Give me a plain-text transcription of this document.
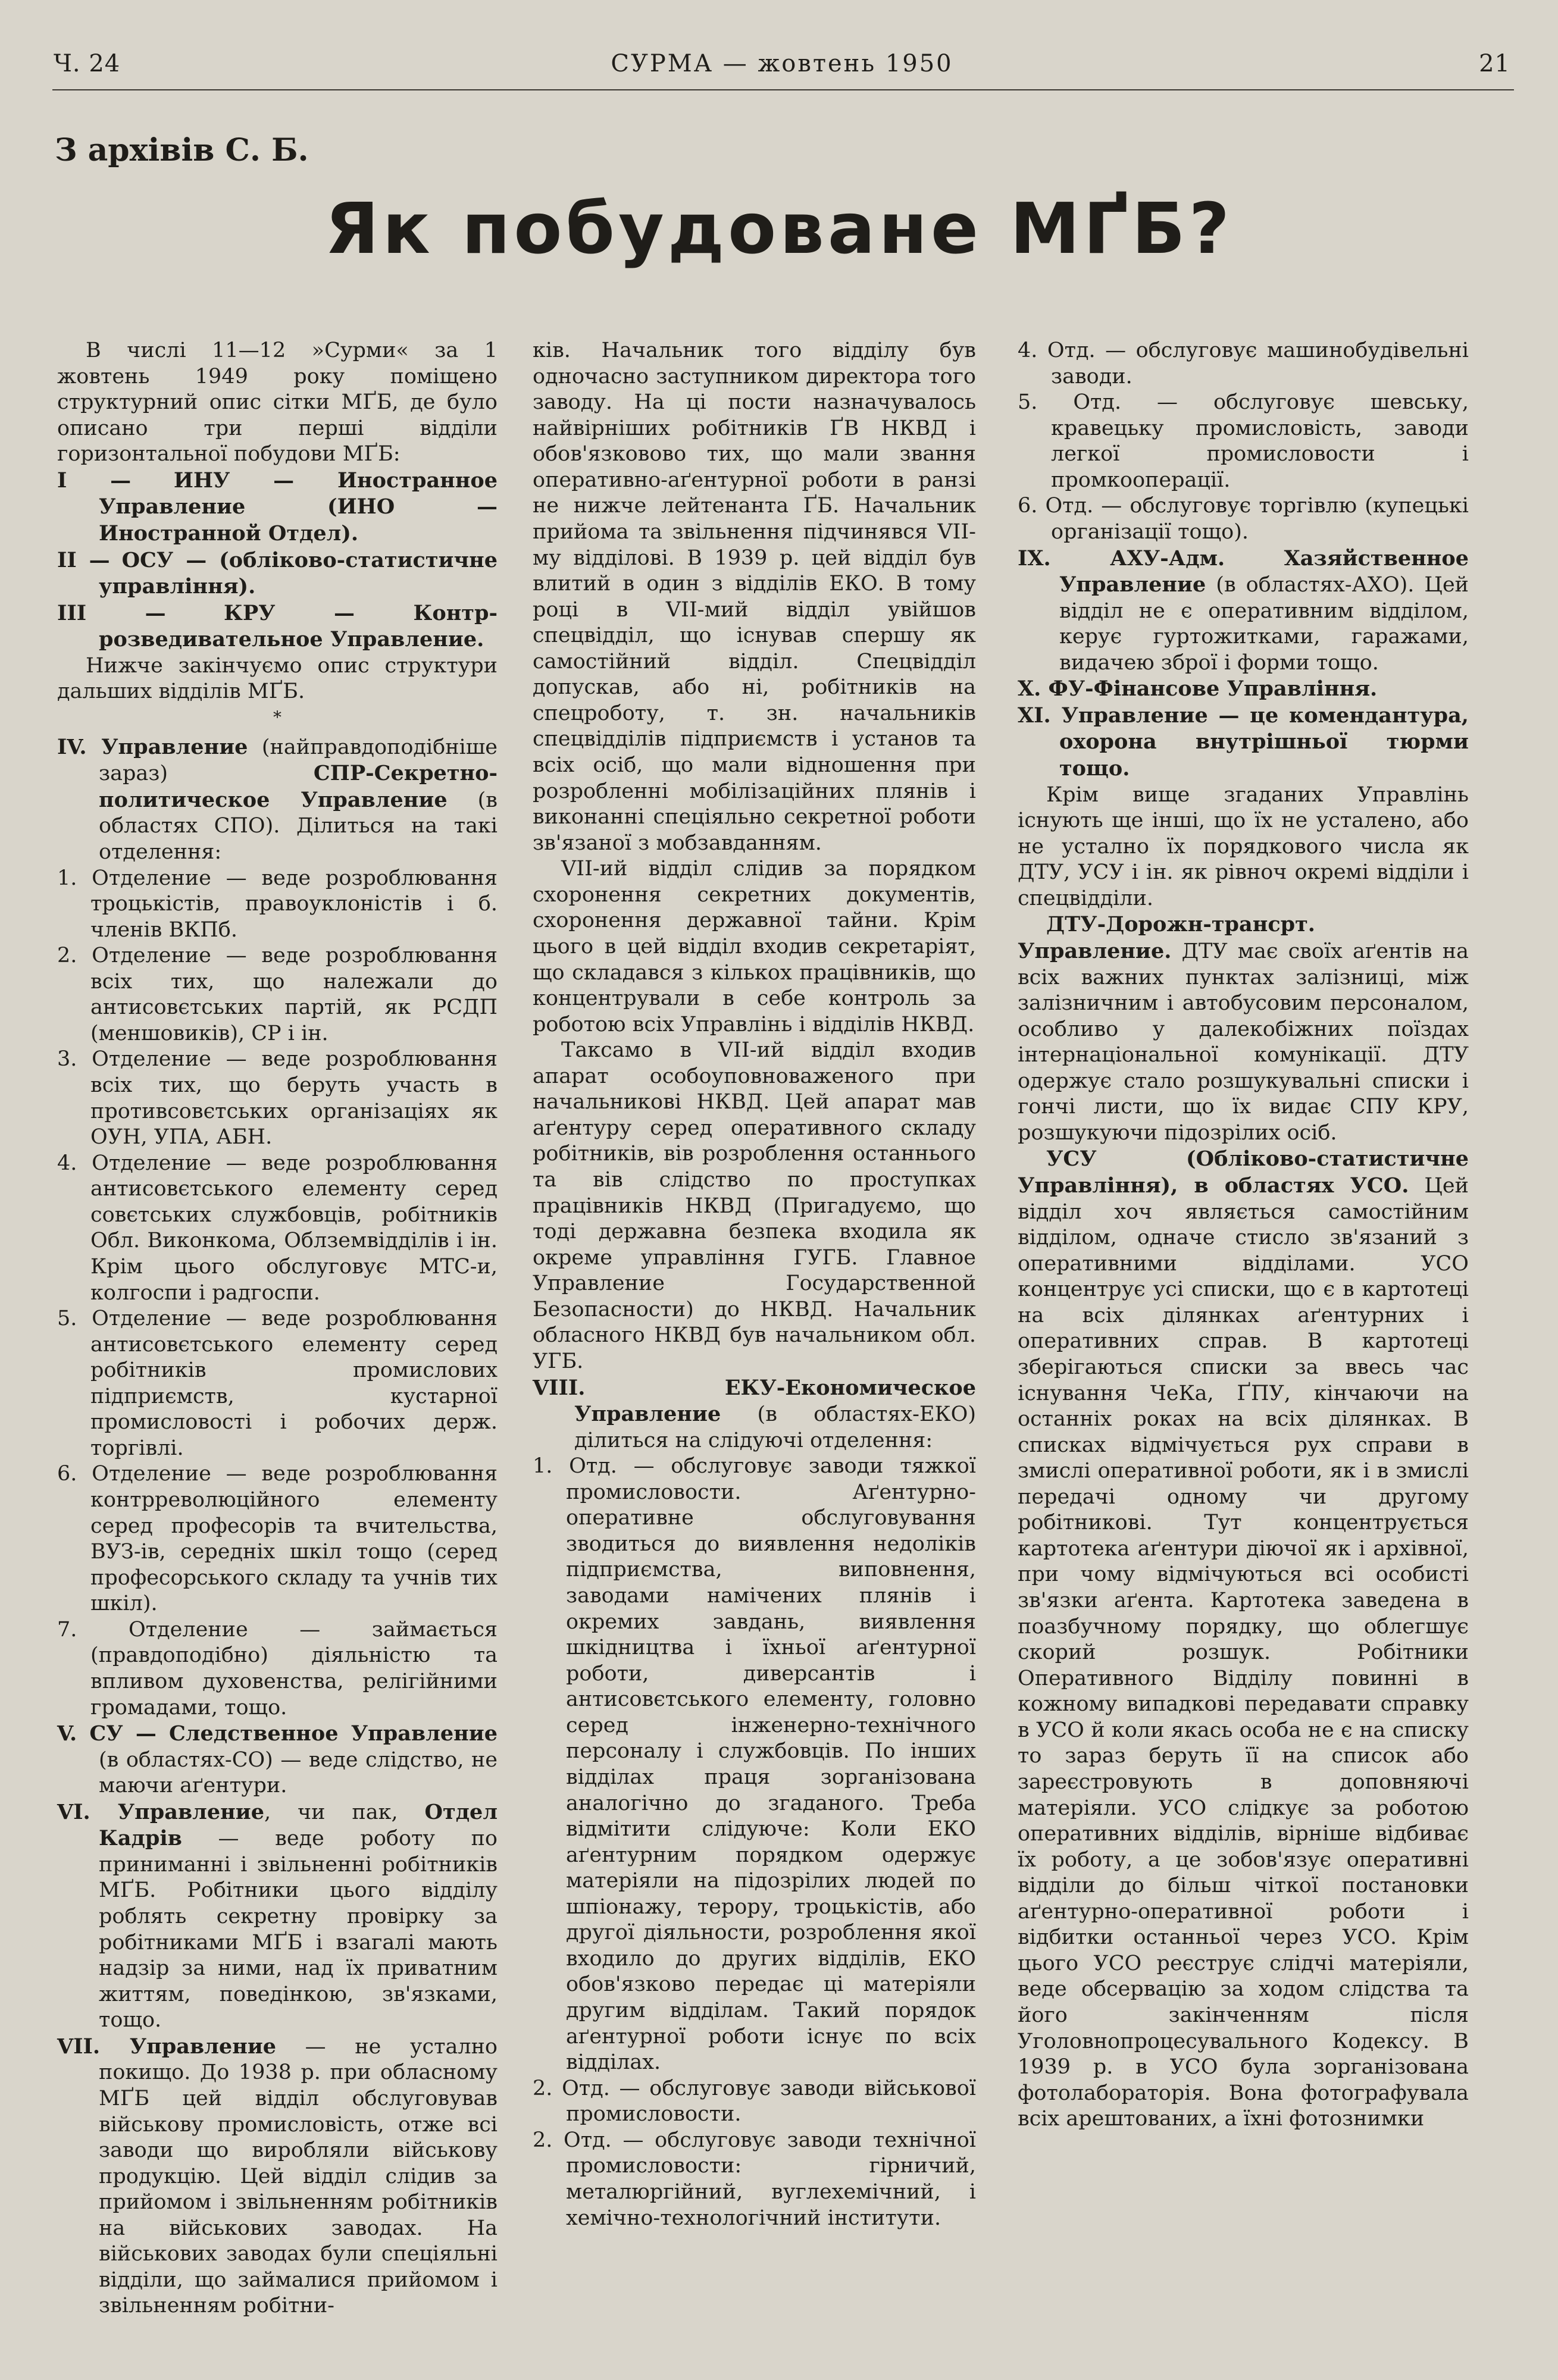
Ч. 24	СУРМА — жовтень 1950	21
З архівів С. Б.
Як побудоване МҐБ?

В числі 11—12 »Сурми« за 1 жовтень 1949 року поміщено структурний опис сітки МҐБ, де було описано три перші відділи горизонтальної побудови МҐБ:

I — ИНУ — Иностранное Управление (ИНО — Иностранной Отдел).

II — ОСУ — (обліково-статистичне управління).

III —	КРУ — Контр-розведивательное Управление.

Нижче закінчуємо опис структури дальших відділів МҐБ.

*

IV. Управление (найправдоподібніше зараз) СПР-Секретно-политическое Управление (в областях СПО). Ділиться на такі отделення:

1. Отделение — веде розроблювання троцькістів, правоуклоністів і б. членів ВКПб.

2. Отделение — веде розроблювання всіх тих, що належали до антисовєтських партій, як РСДП (меншовиків), СР і ін.

3. Отделение — веде розроблювання всіх тих, що беруть участь в противсовєтських організаціях як ОУН, УПА, АБН.

4. Отделение — веде розроблювання антисовєтського елементу серед совєтських службовців, робітників Обл. Виконкома, Облземвідділів і ін. Крім цього обслуговує МТС-и, колгоспи і радгоспи.

5. Отделение — веде розроблювання антисовєтського елементу серед робітників промислових підприємств, кустарної промисловості і робочих держ. торгівлі.

6. Отделение — веде розроблювання контрреволюційного елементу серед професорів та вчительства, ВУЗ-ів, середніх шкіл тощо (серед професорського складу та учнів тих шкіл).

7. Отделение — займається (правдоподібно) діяльністю та впливом духовенства, релігійними громадами, тощо.

V. СУ — Следственное Управление (в областях-СО) — веде слідство, не маючи аґентури.

VI. Управление, чи пак, Отдел Кадрів — веде роботу по приниманні і звільненні робітників МҐБ. Робітники цього відділу роблять секретну провірку за робітниками МҐБ і взагалі мають надзір за ними, над їх приватним життям, поведінкою, зв'язками, тощо.

VII. Управление — не устално покищо. До 1938 р. при обласному МҐБ цей відділ обслуговував військову промисловість, отже всі заводи що виробляли військову продукцію. Цей відділ слідив за прийомом і звільненням робітників на військових заводах. На військових заводах були спеціяльні відділи, що займалися прийомом і звільненням робітни-

ків. Начальник того відділу був одночасно заступником директора того заводу. На ці пости назначувалось найвірніших робітників ҐВ НКВД і обов'язковово тих, що мали звання оперативно-аґентурної роботи в ранзі не нижче лейтенанта ҐБ. Начальник прийома та звільнення підчинявся VII-му відділові. В 1939 р. цей відділ був влитий в один з відділів ЕКО. В тому році в VII-мий відділ увійшов спецвідділ, що існував спершу як самостійний відділ. Спецвідділ допускав, або ні, робітників на спецроботу, т. зн. начальників спецвідділів підприємств і установ та всіх осіб, що мали відношення при розробленні мобілізаційних плянів і виконанні спеціяльно секретної роботи зв'язаної з мобзавданням.

VII-ий відділ слідив за порядком схоронення секретних документів, схоронення державної тайни. Крім цього в цей відділ входив секретаріят, що складався з кількох працівників, що концентрували в себе контроль за роботою всіх Управлінь і відділів НКВД.

Таксамо в VII-ий відділ входив апарат особоуповноваженого при начальникові НКВД. Цей апарат мав аґентуру серед оперативного складу робітників, вів розроблення останнього та вів слідство по проступках працівників НКВД (Пригадуємо, що тоді державна безпека входила як окреме управління ГУГБ. Главное Управление Государственной Безопасности) до НКВД. Начальник обласного НКВД був начальником обл. УГБ.

VIII. ЕКУ-Економическое Управление (в областях-ЕКО) ділиться на слідуючі отделення:

1. Отд. — обслуговує заводи тяжкої промисловости. Аґентурно-оперативне обслуговування зводиться до виявлення недоліків підприємства, виповнення, заводами намічених плянів і окремих завдань, виявлення шкідництва і їхньої аґентурної роботи, диверсантів і антисовєтського елементу, головно серед інженерно-технічного персоналу і службовців. По інших відділах праця зорганізована аналогічно до згаданого. Треба відмітити слідуюче: Коли ЕКО аґентурним порядком одержує матеріяли на підозрілих людей по шпіонажу, терору, троцькістів, або другої діяльности, розроблення якої входило до других відділів, ЕКО обов'язково передає ці матеріяли другим відділам. Такий порядок аґентурної роботи існує по всіх відділах.

2. Отд. — обслуговує заводи військової промисловости.

2. Отд. — обслуговує заводи технічної промисловости: гірничий, металюргійний, вуглехемічний, і хемічно-технологічний інститути.

4. Отд. — обслуговує машинобудівельні заводи.

5. Отд. — обслуговує шевську, кравецьку промисловість, заводи легкої промисловости і промкооперації.

6. Отд. — обслуговує торгівлю (купецькі організації тощо).

IX. АХУ-Адм. Хазяйственное Управление (в областях-АХО). Цей відділ не є оперативним відділом, керує гуртожитками, гаражами, видачею зброї і форми тощо.

X. ФУ-Фінансове Управління.

XI. Управление — це комендантура, охорона внутрішньої тюрми тощо.

Крім вище згаданих Управлінь існують ще інші, що їх не усталено, або не устално їх порядкового числа як ДТУ, УСУ і ін. як рівноч окремі відділи і спецвідділи.

ДТУ-Дорожн-трансрт. Управление. ДТУ має своїх аґентів на всіх важних пунктах залізниці, між залізничним і автобусовим персоналом, особливо у далекобіжних поїздах інтернаціональної комунікації. ДТУ одержує стало розшукувальні списки і гончі листи, що їх видає СПУ КРУ, розшукуючи підозрілих осіб.

УСУ (Обліково-статистичне Управління), в областях УСО. Цей відділ хоч являється самостійним відділом, одначе стисло зв'язаний з оперативними відділами. УСО концентрує усі списки, що є в картотеці на всіх ділянках аґентурних і оперативних справ. В картотеці зберігаються списки за ввесь час існування ЧеКа, ҐПУ, кінчаючи на останніх роках на всіх ділянках. В списках відмічується рух справи в змислі оперативної роботи, як і в змислі передачі одному чи другому робітникові. Тут концентрується картотека аґентури діючої як і архівної, при чому відмічуються всі особисті зв'язки аґента. Картотека заведена в поазбучному порядку, що облегшує скорий розшук. Робітники Оперативного Відділу повинні в кожному випадкові передавати справку в УСО й коли якась особа не є на списку то зараз беруть її на список або зареєстровують в доповняючі матеріяли. УСО слідкує за роботою оперативних відділів, вірніше відбиває їх роботу, а це зобов'язує оперативні відділи до більш чіткої постановки аґентурно-оперативної роботи і відбитки останньої через УСО. Крім цього УСО реєструє слідчі матеріяли, веде обсервацію за ходом слідства та його закінченням після Уголовнопроцесувального Кодексу. В 1939 р. в УСО була зорганізована фотолабораторія. Вона фотографувала всіх арештованих, а їхні фотознимки
